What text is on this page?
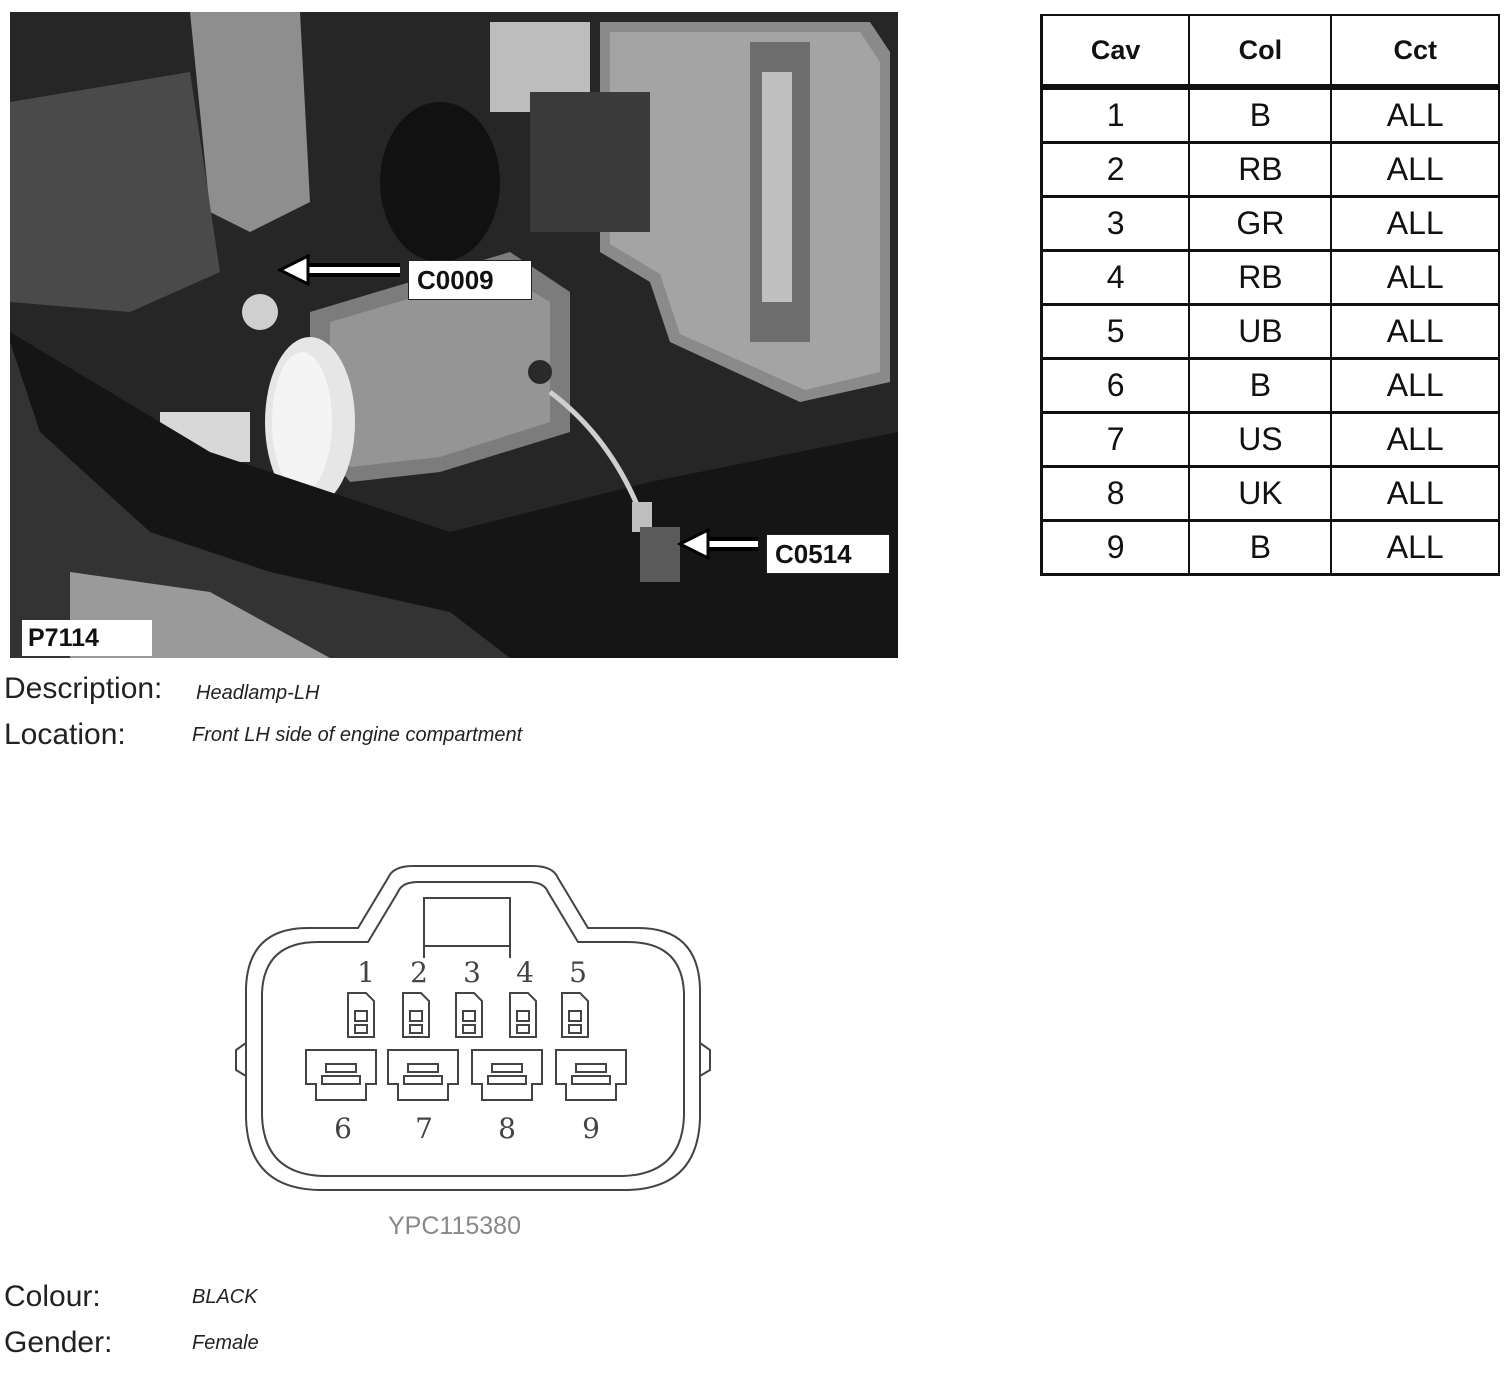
C0009
C0514
P7114
Description: Headlamp-LH
Location:	Front LH side of engine compartment
Cav	Col	Cct
1	B	ALL
2	RB	ALL
3	GR	ALL
4	RB	ALL
5	UB	ALL
6	B	ALL
7	US	ALL
8	UK	ALL
9	B	ALL
1 2 3 4 5
6 7 8 9
YPC115380
Colour:	BLACK
Gender:	Female
